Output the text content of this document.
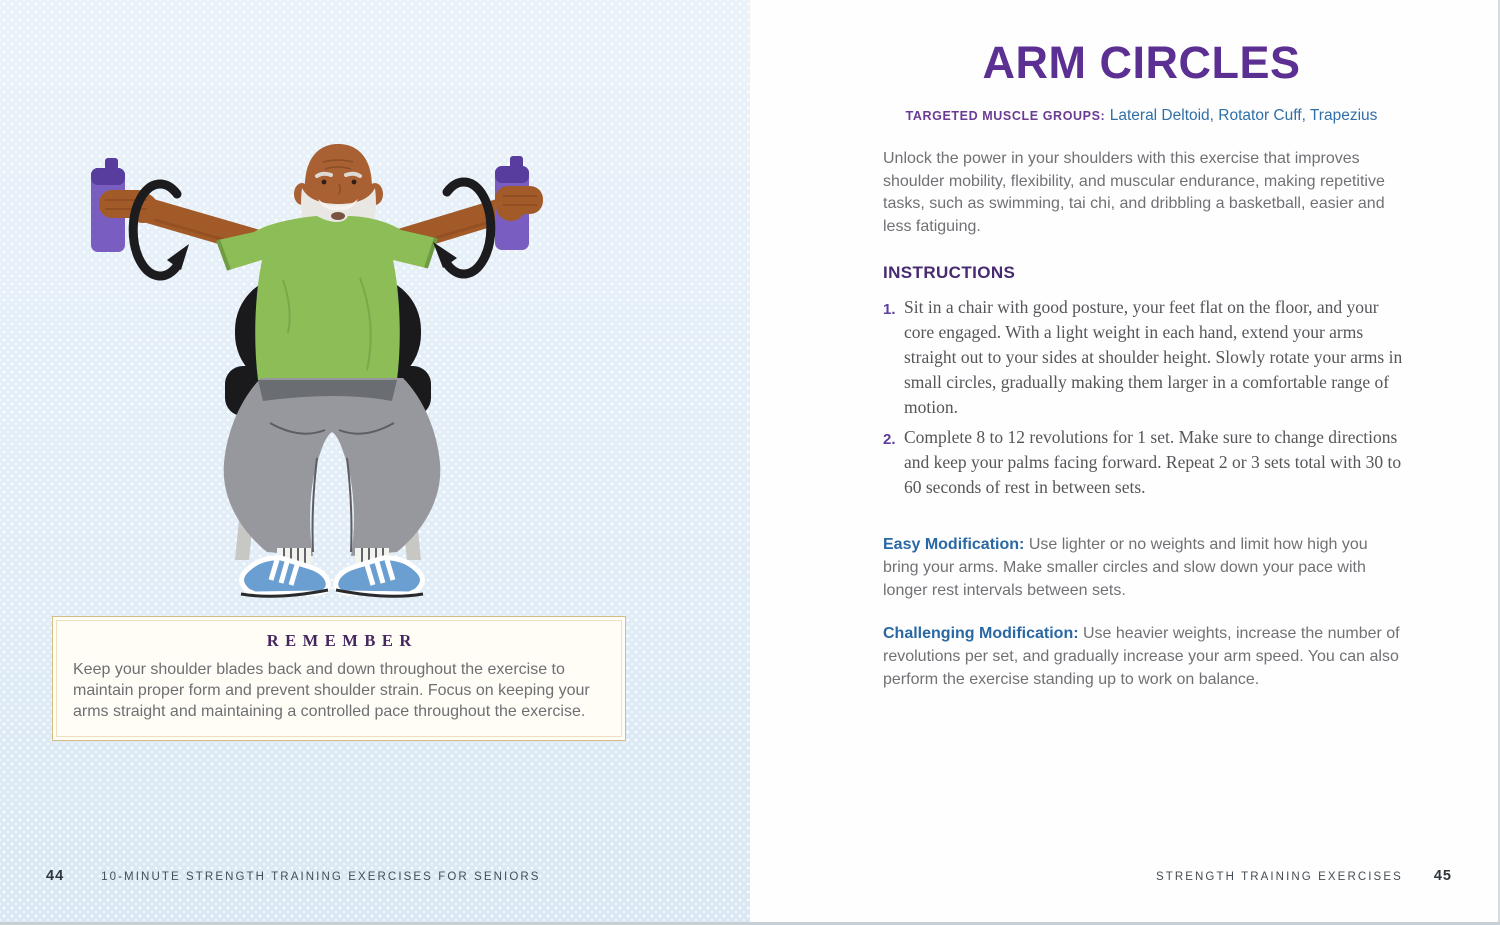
REMEMBER

Keep your shoulder blades back and down throughout the exercise to maintain proper form and prevent shoulder strain. Focus on keeping your arms straight and maintaining a controlled pace throughout the exercise.
44	10-MINUTE STRENGTH TRAINING EXERCISES FOR SENIORS
ARM CIRCLES
TARGETED MUSCLE GROUPS: Lateral Deltoid, Rotator Cuff, Trapezius
Unlock the power in your shoulders with this exercise that improves shoulder mobility, flexibility, and muscular endurance, making repetitive tasks, such as swimming, tai chi, and dribbling a basketball, easier and less fatiguing.
INSTRUCTIONS
1. Sit in a chair with good posture, your feet flat on the floor, and your core engaged. With a light weight in each hand, extend your arms straight out to your sides at shoulder height. Slowly rotate your arms in small circles, gradually making them larger in a comfortable range of motion.
2. Complete 8 to 12 revolutions for 1 set. Make sure to change directions and keep your palms facing forward. Repeat 2 or 3 sets total with 30 to 60 seconds of rest in between sets.

Easy Modification: Use lighter or no weights and limit how high you bring your arms. Make smaller circles and slow down your pace with longer rest intervals between sets.

Challenging Modification: Use heavier weights, increase the number of revolutions per set, and gradually increase your arm speed. You can also perform the exercise standing up to work on balance.

STRENGTH TRAINING EXERCISES 45
